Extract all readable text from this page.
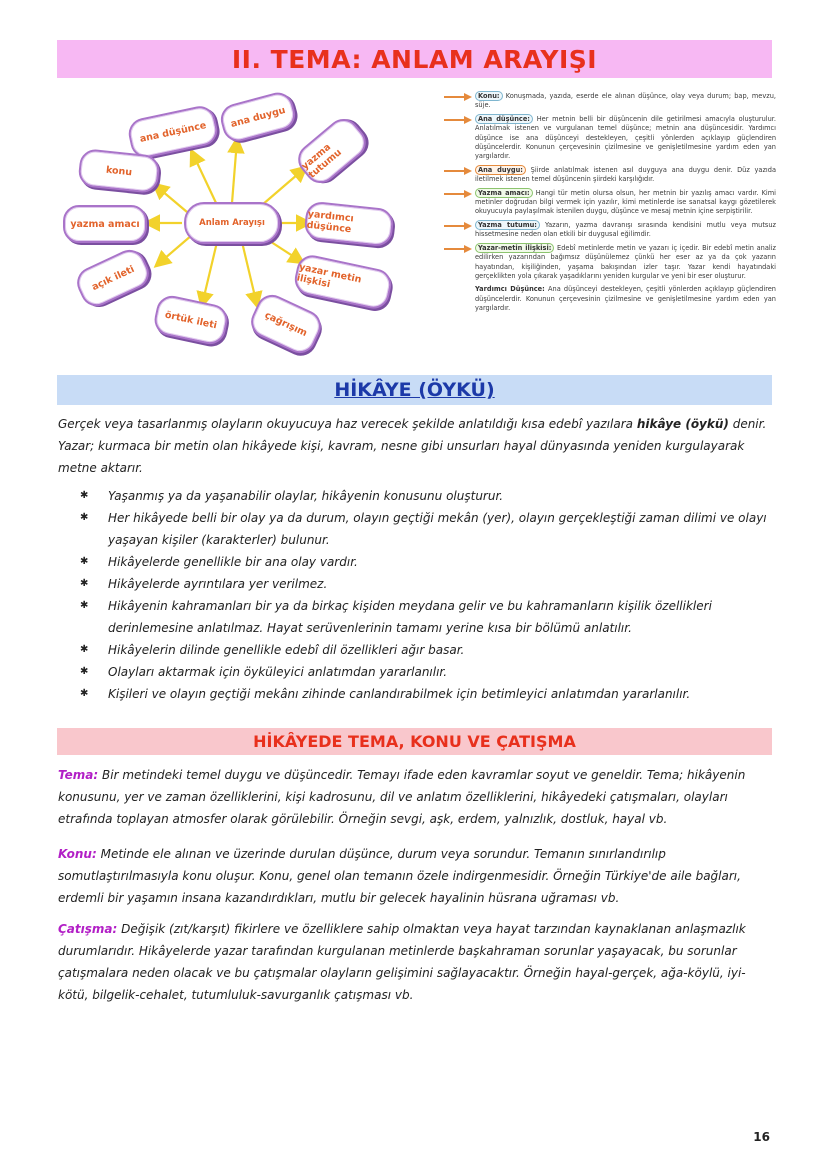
II. TEMA: ANLAM ARAYIŞI
Anlam Arayışı
ana düşünce
ana duygu
yazma tutumu
konu
yazma amacı	yardımcı düşünce
açık ileti	yazar metin ilişkisi
örtük ileti	çağrışım
Konu: Konuşmada, yazıda, eserde ele alınan düşünce, olay veya durum; bap, mevzu, süje.
Ana düşünce: Her metnin belli bir düşüncenin dile getirilmesi amacıyla oluşturulur. Anlatılmak istenen ve vurgulanan temel düşünce; metnin ana düşüncesidir. Yardımcı düşünce ise ana düşünceyi destekleyen, çeşitli yönlerden açıklayıp güçlendiren düşüncelerdir. Konunun çerçevesinin çizilmesine ve genişletilmesine yardım eden yan yargılardır.
Ana duygu: Şiirde anlatılmak istenen asıl duyguya ana duygu denir. Düz yazıda iletilmek istenen temel düşüncenin şiirdeki karşılığıdır.
Yazma amacı: Hangi tür metin olursa olsun, her metnin bir yazılış amacı vardır. Kimi metinler doğrudan bilgi vermek için yazılır, kimi metinlerde ise sanatsal kaygı gözetilerek okuyucuyla paylaşılmak istenilen duygu, düşünce ve mesaj metnin içine serpiştirilir.
Yazma tutumu: Yazarın, yazma davranışı sırasında kendisini mutlu veya mutsuz hissetmesine neden olan etkili bir duygusal eğilimdir.
Yazar-metin ilişkisi: Edebî metinlerde metin ve yazarı iç içedir. Bir edebî metin analiz edilirken yazarından bağımsız düşünülemez çünkü her eser az ya da çok yazarın hayatından, kişiliğinden, yaşama bakışından izler taşır. Yazar kendi hayatındaki gerçeklikten yola çıkarak yaşadıklarını yeniden kurgular ve yeni bir eser oluşturur.
Yardımcı Düşünce: Ana düşünceyi destekleyen, çeşitli yönlerden açıklayıp güçlendiren düşüncelerdir. Konunun çerçevesinin çizilmesine ve genişletilmesine yardım eden yan yargılardır.
HİKÂYE (ÖYKÜ)

Gerçek veya tasarlanmış olayların okuyucuya haz verecek şekilde anlatıldığı kısa edebî yazılara hikâye (öykü) denir. Yazar; kurmaca bir metin olan hikâyede kişi, kavram, nesne gibi unsurları hayal dünyasında yeniden kurgulayarak metne aktarır.

✱ Yaşanmış ya da yaşanabilir olaylar, hikâyenin konusunu oluşturur.
✱ Her hikâyede belli bir olay ya da durum, olayın geçtiği mekân (yer), olayın gerçekleştiği zaman dilimi ve olayı yaşayan kişiler (karakterler) bulunur.
✱ Hikâyelerde genellikle bir ana olay vardır.
✱ Hikâyelerde ayrıntılara yer verilmez.
✱ Hikâyenin kahramanları bir ya da birkaç kişiden meydana gelir ve bu kahramanların kişilik özellikleri derinlemesine anlatılmaz. Hayat serüvenlerinin tamamı yerine kısa bir bölümü anlatılır.
✱ Hikâyelerin dilinde genellikle edebî dil özellikleri ağır basar.
✱ Olayları aktarmak için öyküleyici anlatımdan yararlanılır.
✱ Kişileri ve olayın geçtiği mekânı zihinde canlandırabilmek için betimleyici anlatımdan yararlanılır.
HİKÂYEDE TEMA, KONU VE ÇATIŞMA

Tema: Bir metindeki temel duygu ve düşüncedir. Temayı ifade eden kavramlar soyut ve geneldir. Tema; hikâyenin konusunu, yer ve zaman özelliklerini, kişi kadrosunu, dil ve anlatım özelliklerini, hikâyedeki çatışmaları, olayları etrafında toplayan atmosfer olarak görülebilir. Örneğin sevgi, aşk, erdem, yalnızlık, dostluk, hayal vb.

Konu: Metinde ele alınan ve üzerinde durulan düşünce, durum veya sorundur. Temanın sınırlandırılıp somutlaştırılmasıyla konu oluşur. Konu, genel olan temanın özele indirgenmesidir. Örneğin Türkiye'de aile bağları, erdemli bir yaşamın insana kazandırdıkları, mutlu bir gelecek hayalinin hüsrana uğraması vb.

Çatışma: Değişik (zıt/karşıt) fikirlere ve özelliklere sahip olmaktan veya hayat tarzından kaynaklanan anlaşmazlık durumlarıdır. Hikâyelerde yazar tarafından kurgulanan metinlerde başkahraman sorunlar yaşayacak, bu sorunlar çatışmalara neden olacak ve bu çatışmalar olayların gelişimini sağlayacaktır. Örneğin hayal-gerçek, ağa-köylü, iyi-kötü, bilgelik-cehalet, tutumluluk-savurganlık çatışması vb.

16
